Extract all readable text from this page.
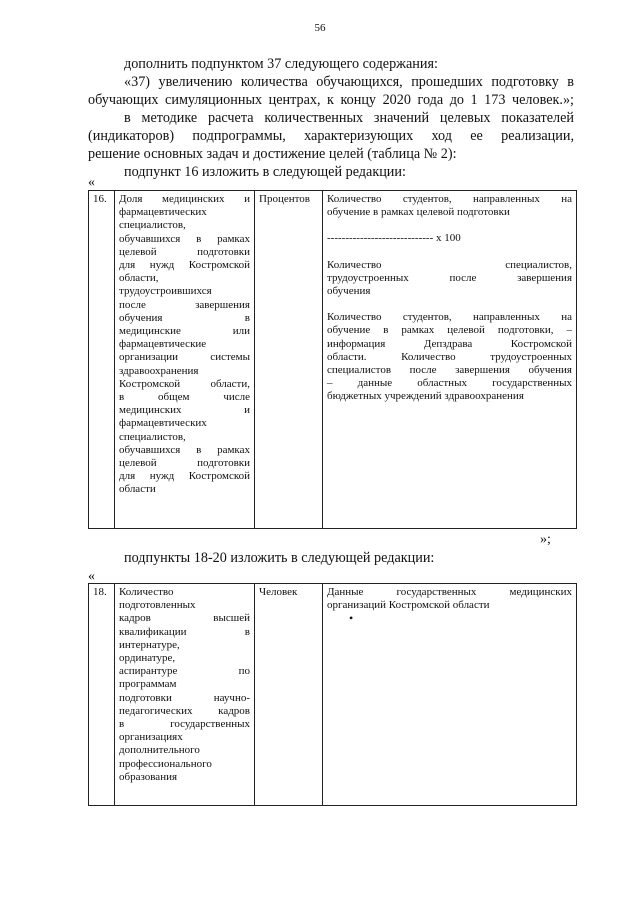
56
дополнить подпунктом 37 следующего содержания:
«37) увеличению количества обучающихся, прошедших подготовку в
обучающих симуляционных центрах, к концу 2020 года до 1 173 человек.»;
в методике расчета количественных значений целевых показателей
(индикаторов) подпрограммы, характеризующих ход ее реализации,
решение основных задач и достижение целей (таблица № 2):
подпункт 16 изложить в следующей редакции:
«
16.	Доля медицинских и
фармацевтических
специалистов,
обучавшихся в рамках
целевой подготовки
для нужд Костромской
области,
трудоустроившихся
после завершения
обучения в
медицинские или
фармацевтические
организации системы
здравоохранения
Костромской области,
в общем числе
медицинских и
фармацевтических
специалистов,
обучавшихся в рамках
целевой подготовки
для нужд Костромской
области
	Процентов	Количество студентов, направленных на
обучение в рамках целевой подготовки
----------------------------- х 100
Количество специалистов,
трудоустроенных после завершения
обучения
Количество студентов, направленных на
обучение в рамках целевой подготовки, –
информация Депздрава Костромской
области. Количество трудоустроенных
специалистов после завершения обучения
– данные областных государственных
бюджетных учреждений здравоохранения
»;
подпункты 18-20 изложить в следующей редакции:
«
18.	Количество
подготовленных
кадров высшей
квалификации в
интернатуре,
ординатуре,
аспирантуре по
программам
подготовки научно-
педагогических кадров
в государственных
организациях
дополнительного
профессионального
образования
	Человек	Данные государственных медицинских
организаций Костромской области
•
